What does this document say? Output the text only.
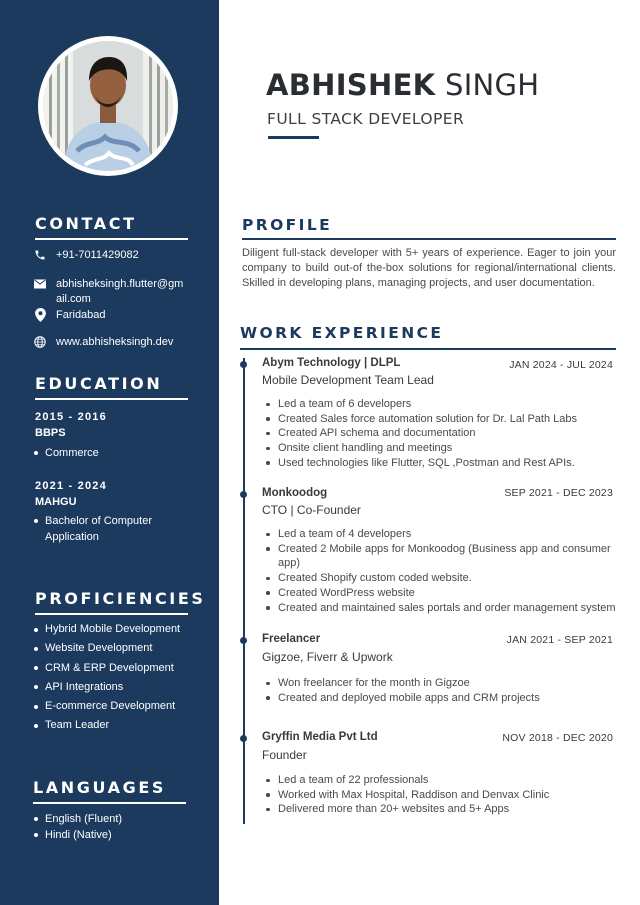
CONTACT
+91-7011429082
abhisheksingh.flutter@gmail.com
Faridabad
www.abhisheksingh.dev
EDUCATION
2015 - 2016
BBPS
Commerce
2021 - 2024
MAHGU
Bachelor of Computer Application
PROFICIENCIES
Hybrid Mobile Development
Website Development
CRM & ERP Development
API Integrations
E-commerce Development
Team Leader
LANGUAGES
English (Fluent)
Hindi (Native)
ABHISHEK SINGH
FULL STACK DEVELOPER
PROFILE
Diligent full-stack developer with 5+ years of experience. Eager to join your company to build out-of the-box solutions for regional/international clients. Skilled in developing plans, managing projects, and user documentation.
WORK EXPERIENCE
Abym Technology | DLPL	JAN 2024 - JUL 2024
Mobile Development Team Lead
Led a team of 6 developers
Created Sales force automation solution for Dr. Lal Path Labs
Created API schema and documentation
Onsite client handling and meetings
Used technologies like Flutter, SQL ,Postman and Rest APIs.
Monkoodog	SEP 2021 - DEC 2023
CTO | Co-Founder
Led a team of 4 developers
Created 2 Mobile apps for Monkoodog (Business app and consumer app)
Created Shopify custom coded website.
Created WordPress website
Created and maintained sales portals and order management system
Freelancer	JAN 2021 - SEP 2021
Gigzoe, Fiverr & Upwork
Won freelancer for the month in Gigzoe
Created and deployed mobile apps and CRM projects
Gryffin Media Pvt Ltd	NOV 2018 - DEC 2020
Founder
Led a team of 22 professionals
Worked with Max Hospital, Raddison and Denvax Clinic
Delivered more than 20+ websites and 5+ Apps
